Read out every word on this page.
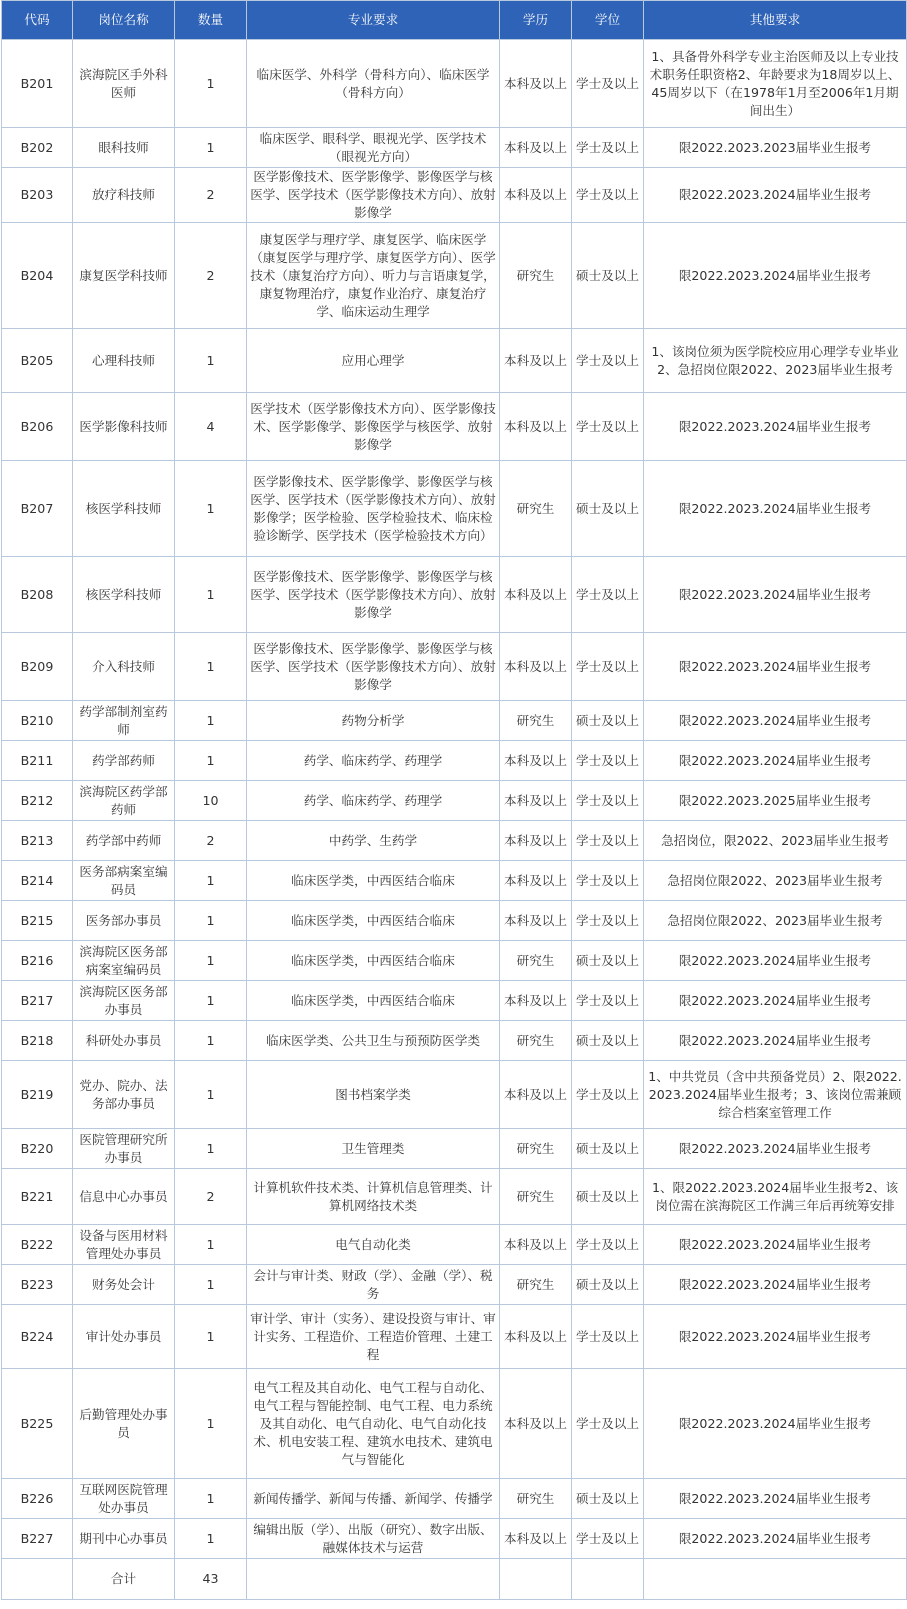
代码	岗位名称	数量	专业要求	学历	学位	其他要求
B201	滨海院区手外科医师	1	临床医学、外科学（骨科方向）、临床医学（骨科方向）	本科及以上	学士及以上	1、具备骨外科学专业主治医师及以上专业技术职务任职资格2、年龄要求为18周岁以上、45周岁以下（在1978年1月至2006年1月期间出生）
B202	眼科技师	1	临床医学、眼科学、眼视光学、医学技术（眼视光方向）	本科及以上	学士及以上	限2022.2023.2023届毕业生报考
B203	放疗科技师	2	医学影像技术、医学影像学、影像医学与核医学、医学技术（医学影像技术方向）、放射影像学	本科及以上	学士及以上	限2022.2023.2024届毕业生报考
B204	康复医学科技师	2	康复医学与理疗学、康复医学、临床医学（康复医学与理疗学、康复医学方向）、医学技术（康复治疗方向）、听力与言语康复学，康复物理治疗，康复作业治疗、康复治疗学、临床运动生理学	研究生	硕士及以上	限2022.2023.2024届毕业生报考
B205	心理科技师	1	应用心理学	本科及以上	学士及以上	1、该岗位须为医学院校应用心理学专业毕业2、急招岗位限2022、2023届毕业生报考
B206	医学影像科技师	4	医学技术（医学影像技术方向）、医学影像技术、医学影像学、影像医学与核医学、放射影像学	本科及以上	学士及以上	限2022.2023.2024届毕业生报考
B207	核医学科技师	1	医学影像技术、医学影像学、影像医学与核医学、医学技术（医学影像技术方向）、放射影像学；医学检验、医学检验技术、临床检验诊断学、医学技术（医学检验技术方向）	研究生	硕士及以上	限2022.2023.2024届毕业生报考
B208	核医学科技师	1	医学影像技术、医学影像学、影像医学与核医学、医学技术（医学影像技术方向）、放射影像学	本科及以上	学士及以上	限2022.2023.2024届毕业生报考
B209	介入科技师	1	医学影像技术、医学影像学、影像医学与核医学、医学技术（医学影像技术方向）、放射影像学	本科及以上	学士及以上	限2022.2023.2024届毕业生报考
B210	药学部制剂室药师	1	药物分析学	研究生	硕士及以上	限2022.2023.2024届毕业生报考
B211	药学部药师	1	药学、临床药学、药理学	本科及以上	学士及以上	限2022.2023.2024届毕业生报考
B212	滨海院区药学部药师	10	药学、临床药学、药理学	本科及以上	学士及以上	限2022.2023.2025届毕业生报考
B213	药学部中药师	2	中药学、生药学	本科及以上	学士及以上	急招岗位，限2022、2023届毕业生报考
B214	医务部病案室编码员	1	临床医学类，中西医结合临床	本科及以上	学士及以上	急招岗位限2022、2023届毕业生报考
B215	医务部办事员	1	临床医学类，中西医结合临床	本科及以上	学士及以上	急招岗位限2022、2023届毕业生报考
B216	滨海院区医务部病案室编码员	1	临床医学类，中西医结合临床	研究生	硕士及以上	限2022.2023.2024届毕业生报考
B217	滨海院区医务部办事员	1	临床医学类，中西医结合临床	本科及以上	学士及以上	限2022.2023.2024届毕业生报考
B218	科研处办事员	1	临床医学类、公共卫生与预预防医学类	研究生	硕士及以上	限2022.2023.2024届毕业生报考
B219	党办、院办、法务部办事员	1	图书档案学类	本科及以上	学士及以上	1、中共党员（含中共预备党员）2、限2022.2023.2024届毕业生报考；3、该岗位需兼顾综合档案室管理工作
B220	医院管理研究所办事员	1	卫生管理类	研究生	硕士及以上	限2022.2023.2024届毕业生报考
B221	信息中心办事员	2	计算机软件技术类、计算机信息管理类、计算机网络技术类	研究生	硕士及以上	1、限2022.2023.2024届毕业生报考2、该岗位需在滨海院区工作满三年后再统筹安排
B222	设备与医用材料管理处办事员	1	电气自动化类	本科及以上	学士及以上	限2022.2023.2024届毕业生报考
B223	财务处会计	1	会计与审计类、财政（学）、金融（学）、税务	研究生	硕士及以上	限2022.2023.2024届毕业生报考
B224	审计处办事员	1	审计学、审计（实务）、建设投资与审计、审计实务、工程造价、工程造价管理、土建工程	本科及以上	学士及以上	限2022.2023.2024届毕业生报考
B225	后勤管理处办事员	1	电气工程及其自动化、电气工程与自动化、电气工程与智能控制、电气工程、电力系统及其自动化、电气自动化、电气自动化技术、机电安装工程、建筑水电技术、建筑电气与智能化	本科及以上	学士及以上	限2022.2023.2024届毕业生报考
B226	互联网医院管理处办事员	1	新闻传播学、新闻与传播、新闻学、传播学	研究生	硕士及以上	限2022.2023.2024届毕业生报考
B227	期刊中心办事员	1	编辑出版（学）、出版（研究）、数字出版、融媒体技术与运营	本科及以上	学士及以上	限2022.2023.2024届毕业生报考
	合计	43				
